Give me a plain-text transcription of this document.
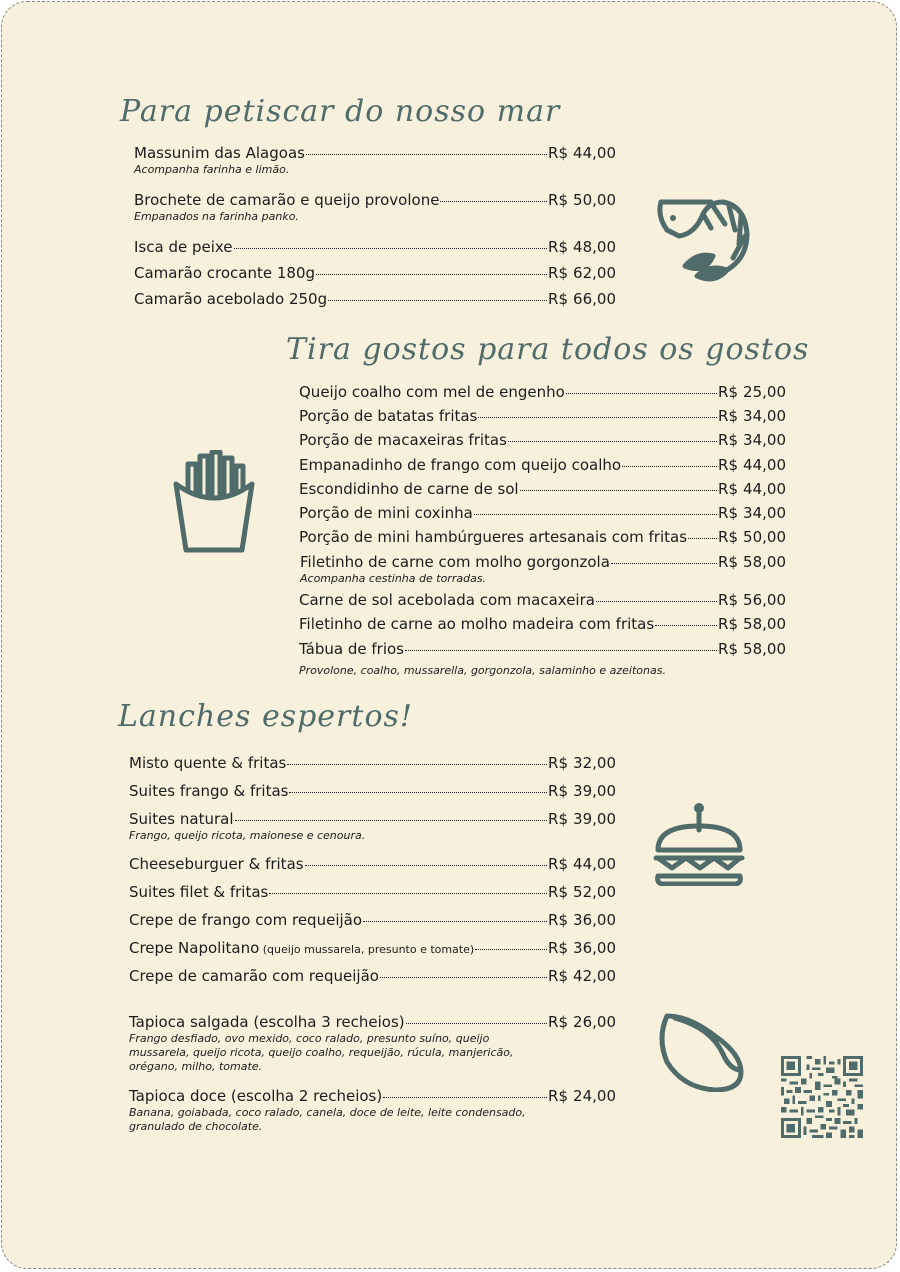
Para petiscar do nosso mar
Massunim das Alagoas	R$ 44,00
Acompanha farinha e limão.
Brochete de camarão e queijo provolone	R$ 50,00
Empanados na farinha panko.
Isca de peixe	R$ 48,00
Camarão crocante 180g	R$ 62,00
Camarão acebolado 250g	R$ 66,00
Tira gostos para todos os gostos
Queijo coalho com mel de engenho	R$ 25,00
Porção de batatas fritas	R$ 34,00
Porção de macaxeiras fritas	R$ 34,00
Empanadinho de frango com queijo coalho	R$ 44,00
Escondidinho de carne de sol	R$ 44,00
Porção de mini coxinha	R$ 34,00
Porção de mini hambúrgueres artesanais com fritas R$ 50,00
Filetinho de carne com molho gorgonzola	R$ 58,00
Acompanha cestinha de torradas.
Carne de sol acebolada com macaxeira	R$ 56,00
Filetinho de carne ao molho madeira com fritas	R$ 58,00
Tábua de frios	R$ 58,00
Provolone, coalho, mussarella, gorgonzola, salaminho e azeitonas.
Lanches espertos!
Misto quente & fritas	R$ 32,00
Suites frango & fritas	R$ 39,00
Suites natural	R$ 39,00
Frango, queijo ricota, maionese e cenoura.
Cheeseburguer & fritas	R$ 44,00
Suites filet & fritas	R$ 52,00
Crepe de frango com requeijão	R$ 36,00
Crepe Napolitano (queijo mussarela, presunto e tomate)	R$ 36,00
Crepe de camarão com requeijão	R$ 42,00
Tapioca salgada (escolha 3 recheios)	R$ 26,00
Frango desfiado, ovo mexido, coco ralado, presunto suíno, queijo
mussarela, queijo ricota, queijo coalho, requeijão, rúcula, manjericão,
orégano, milho, tomate.
Tapioca doce (escolha 2 recheios)	R$ 24,00
Banana, goiabada, coco ralado, canela, doce de leite, leite condensado,
granulado de chocolate.
